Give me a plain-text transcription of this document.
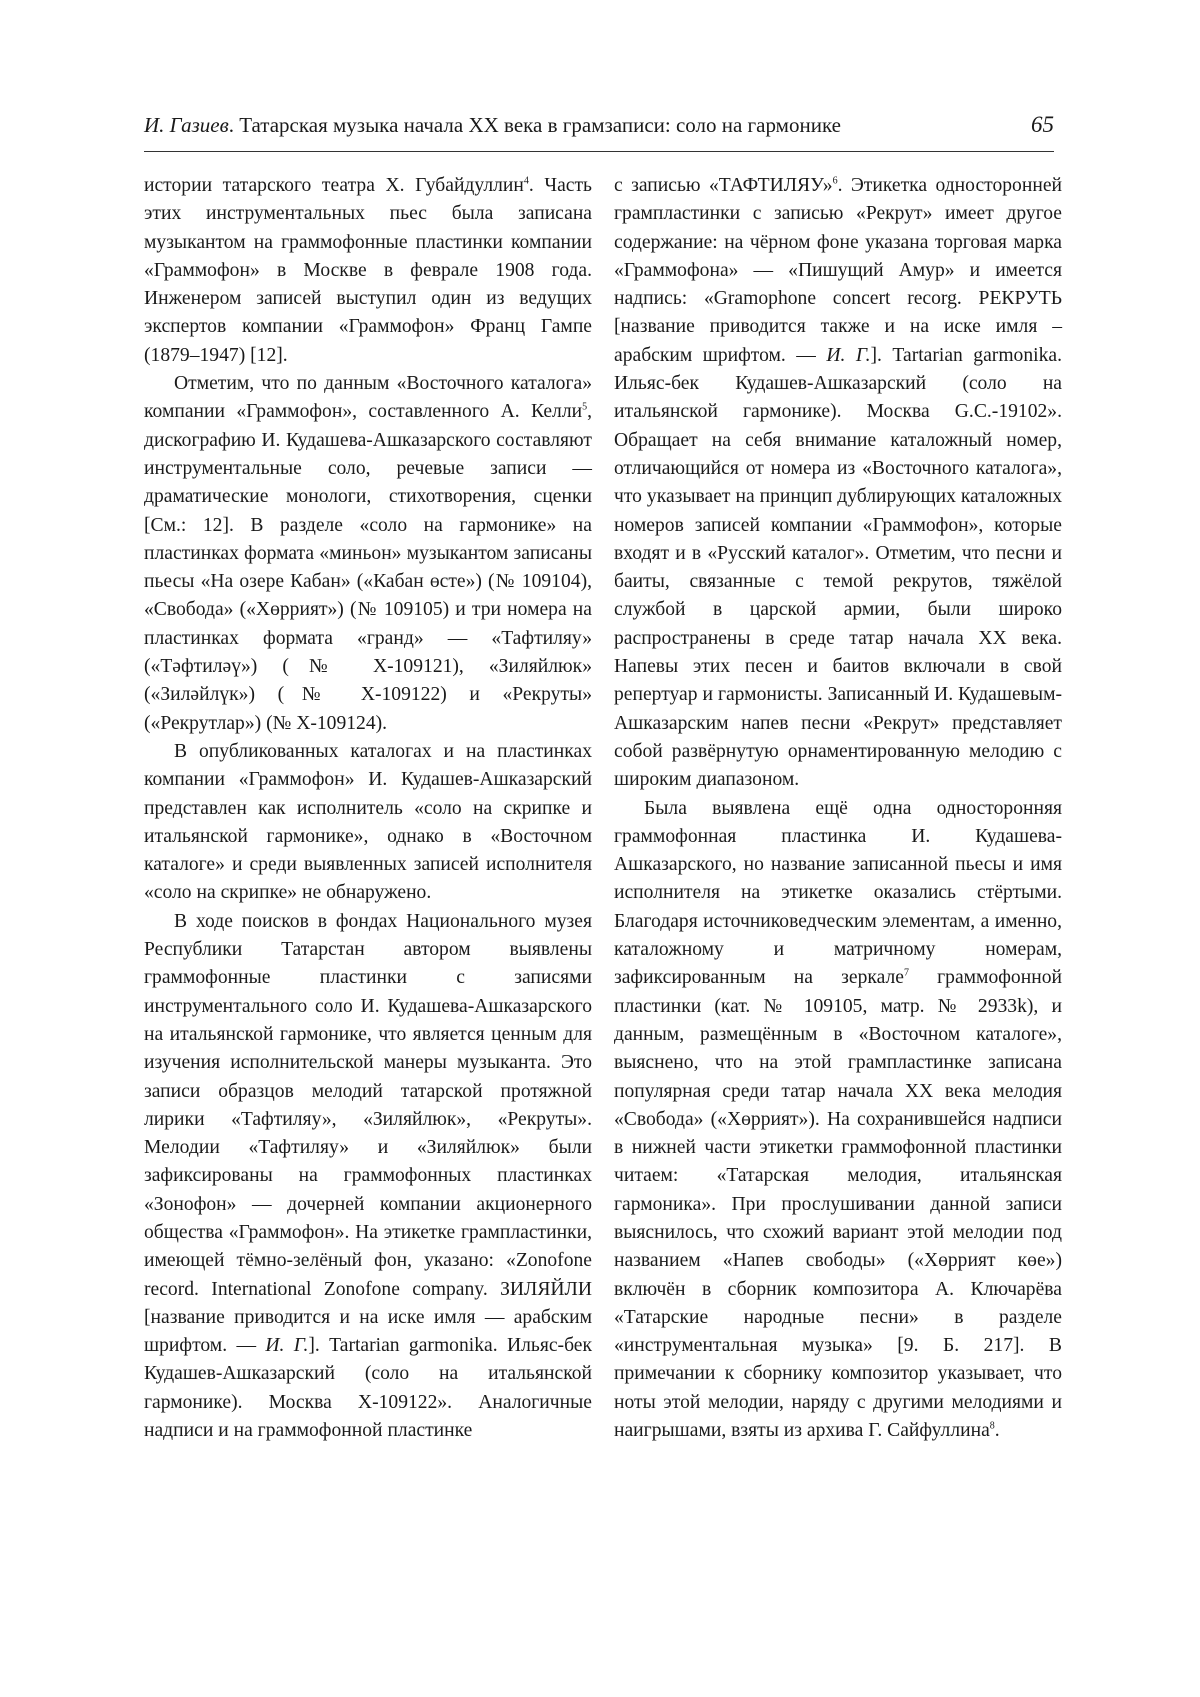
И. Газиев. Татарская музыка начала ХХ века в грамзаписи: соло на гармонике	65

истории татарского театра Х. Губайдуллин$^4$. Часть этих инструментальных пьес была записана музыкантом на граммофонные пластинки компании «Граммофон» в Москве в феврале 1908 года. Инженером записей выступил один из ведущих экспертов компании «Граммофон» Франц Гампе (1879–1947) [12].

Отметим, что по данным «Восточного каталога» компании «Граммофон», составленного А. Келли$^5$, дискографию И. Кудашева-Ашказарского составляют инструментальные соло, речевые записи — драматические монологи, стихотворения, сценки [См.: 12]. В разделе «соло на гармонике» на пластинках формата «миньон» музыкантом записаны пьесы «На озере Кабан» («Кабан өсте») (№ 109104), «Свобода» («Хөррият») (№ 109105) и три номера на пластинках формата «гранд» — «Тафтиляу» («Тәфтиләү») (№ Х-109121), «Зиляйлюк» («Зиләйлүк») (№ Х-109122) и «Рекруты» («Рекрутлар») (№ Х-109124).

В опубликованных каталогах и на пластинках компании «Граммофон» И. Кудашев-Ашказарский представлен как исполнитель «соло на скрипке и итальянской гармонике», однако в «Восточном каталоге» и среди выявленных записей исполнителя «соло на скрипке» не обнаружено.

В ходе поисков в фондах Национального музея Республики Татарстан автором выявлены граммофонные пластинки с записями инструментального соло И. Кудашева-Ашказарского на итальянской гармонике, что является ценным для изучения исполнительской манеры музыканта. Это записи образцов мелодий татарской протяжной лирики «Тафтиляу», «Зиляйлюк», «Рекруты». Мелодии «Тафтиляу» и «Зиляйлюк» были зафиксированы на граммофонных пластинках «Зонофон» — дочерней компании акционерного общества «Граммофон». На этикетке грампластинки, имеющей тёмно-зелёный фон, указано: «Zonofone record. International Zonofone company. ЗИЛЯЙЛИ [название приводится и на иске имля — арабским шрифтом. — И. Г.]. Tartarian garmonika. Ильяс-бек Кудашев-Ашказарский (соло на итальянской гармонике). Москва Х-109122». Аналогичные надписи и на граммофонной пластинке

с записью «ТАФТИЛЯУ»$^6$. Этикетка односторонней грампластинки с записью «Рекрут» имеет другое содержание: на чёрном фоне указана торговая марка «Граммофона» — «Пишущий Амур» и имеется надпись: «Gramophone concert recorg. РЕКРУТЬ [название приводится также и на иске имля – арабским шрифтом. — И. Г.]. Tartarian garmonika. Ильяс-бек Кудашев-Ашказарский (соло на итальянской гармонике). Москва G.C.-19102». Обращает на себя внимание каталожный номер, отличающийся от номера из «Восточного каталога», что указывает на принцип дублирующих каталожных номеров записей компании «Граммофон», которые входят и в «Русский каталог». Отметим, что песни и баиты, связанные с темой рекрутов, тяжёлой службой в царской армии, были широко распространены в среде татар начала ХХ века. Напевы этих песен и баитов включали в свой репертуар и гармонисты. Записанный И. Кудашевым-Ашказарским напев песни «Рекрут» представляет собой развёрнутую орнаментированную мелодию с широким диапазоном.

Была выявлена ещё одна односторонняя граммофонная пластинка И. Кудашева-Ашказарского, но название записанной пьесы и имя исполнителя на этикетке оказались стёртыми. Благодаря источниковедческим элементам, а именно, каталожному и матричному номерам, зафиксированным на зеркале$^7$ граммофонной пластинки (кат. № 109105, матр. № 2933k), и данным, размещённым в «Восточном каталоге», выяснено, что на этой грампластинке записана популярная среди татар начала ХХ века мелодия «Свобода» («Хөррият»). На сохранившейся надписи в нижней части этикетки граммофонной пластинки читаем: «Татарская мелодия, итальянская гармоника». При прослушивании данной записи выяснилось, что схожий вариант этой мелодии под названием «Напев свободы» («Хөррият көе») включён в сборник композитора А. Ключарёва «Татарские народные песни» в разделе «инструментальная музыка» [9. Б. 217]. В примечании к сборнику композитор указывает, что ноты этой мелодии, наряду с другими мелодиями и наигрышами, взяты из архива Г. Сайфуллина$^8$.
